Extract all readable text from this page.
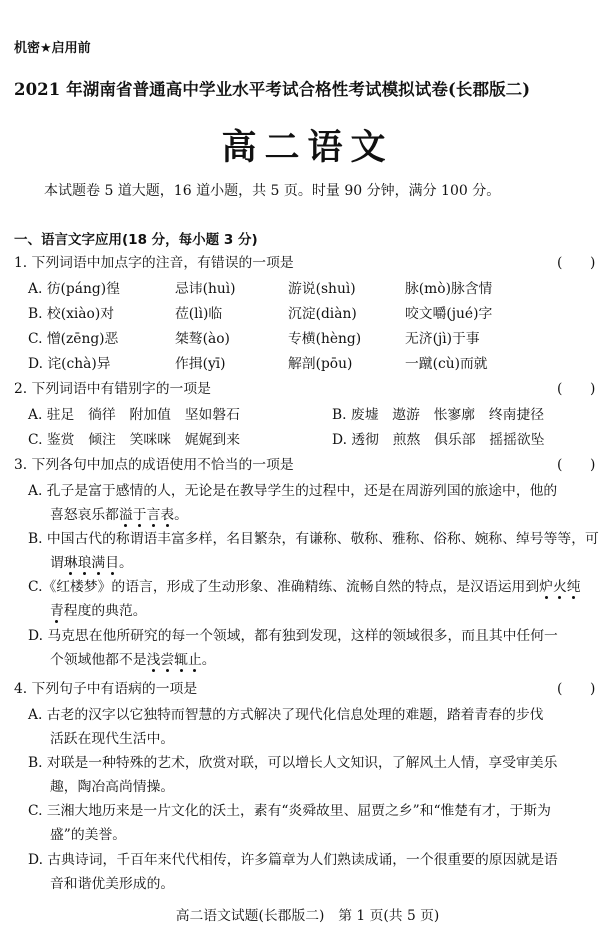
机密★启用前
2021 年湖南省普通高中学业水平考试合格性考试模拟试卷(长郡版二)
高二语文
本试题卷 5 道大题，16 道小题，共 5 页。时量 90 分钟，满分 100 分。
一、语言文字应用(18 分，每小题 3 分)
1. 下列词语中加点字的注音，有错误的一项是	(　　)
A. 彷(páng)徨	忌讳(huì)	游说(shuì)	脉(mò)脉含情
B. 校(xiào)对	莅(lì)临	沉淀(diàn)	咬文嚼(jué)字
C. 憎(zēng)恶	桀骜(ào)	专横(hèng)	无济(jì)于事
D. 诧(chà)异	作揖(yī)	解剖(pōu)	一蹴(cù)而就
2. 下列词语中有错别字的一项是	(　　)
A. 驻足　徜徉　附加值　坚如磐石	B. 废墟　遨游　怅寥廓　终南捷径
C. 鉴赏　倾注　笑咪咪　娓娓到来	D. 透彻　煎熬　俱乐部　摇摇欲坠
3. 下列各句中加点的成语使用不恰当的一项是	(　　)
A. 孔子是富于感情的人，无论是在教导学生的过程中，还是在周游列国的旅途中，他的
喜怒哀乐都溢于言表。
B. 中国古代的称谓语丰富多样，名目繁杂，有谦称、敬称、雅称、俗称、婉称、绰号等等，可
谓琳琅满目。
C.《红楼梦》的语言，形成了生动形象、准确精练、流畅自然的特点，是汉语运用到炉火纯
青程度的典范。
D. 马克思在他所研究的每一个领域，都有独到发现，这样的领域很多，而且其中任何一
个领域他都不是浅尝辄止。
4. 下列句子中有语病的一项是	(　　)
A. 古老的汉字以它独特而智慧的方式解决了现代化信息处理的难题，踏着青春的步伐
活跃在现代生活中。
B. 对联是一种特殊的艺术，欣赏对联，可以增长人文知识，了解风土人情，享受审美乐
趣，陶冶高尚情操。
C. 三湘大地历来是一片文化的沃土，素有“炎舜故里、屈贾之乡”和“惟楚有才，于斯为
盛”的美誉。
D. 古典诗词，千百年来代代相传，许多篇章为人们熟读成诵，一个很重要的原因就是语
音和谐优美形成的。
高二语文试题(长郡版二)　第 1 页(共 5 页)
